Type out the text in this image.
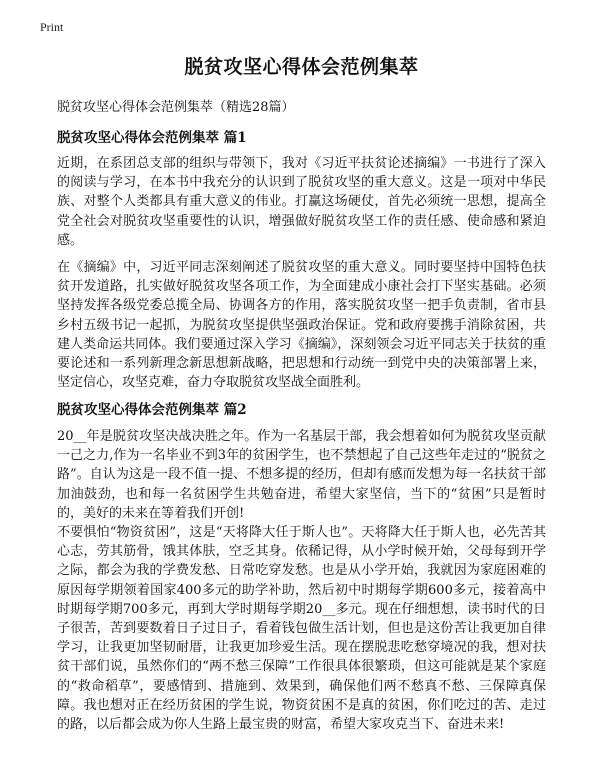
Print
脱贫攻坚心得体会范例集萃

脱贫攻坚心得体会范例集萃（精选28篇）

脱贫攻坚心得体会范例集萃 篇1

近期，在系团总支部的组织与带领下，我对《习近平扶贫论述摘编》一书进行了深入的阅读与学习，在本书中我充分的认识到了脱贫攻坚的重大意义。这是一项对中华民族、对整个人类都具有重大意义的伟业。打赢这场硬仗，首先必须统一思想，提高全党全社会对脱贫攻坚重要性的认识，增强做好脱贫攻坚工作的责任感、使命感和紧迫感。

在《摘编》中，习近平同志深刻阐述了脱贫攻坚的重大意义。同时要坚持中国特色扶贫开发道路，扎实做好脱贫攻坚各项工作，为全面建成小康社会打下坚实基础。必须坚持发挥各级党委总揽全局、协调各方的作用，落实脱贫攻坚一把手负责制，省市县乡村五级书记一起抓，为脱贫攻坚提供坚强政治保证。党和政府要携手消除贫困，共建人类命运共同体。我们要通过深入学习《摘编》，深刻领会习近平同志关于扶贫的重要论述和一系列新理念新思想新战略，把思想和行动统一到党中央的决策部署上来，坚定信心，攻坚克难，奋力夺取脱贫攻坚战全面胜利。

脱贫攻坚心得体会范例集萃 篇2

20__年是脱贫攻坚决战决胜之年。作为一名基层干部，我会想着如何为脱贫攻坚贡献一己之力,作为一名毕业不到3年的贫困学生，也不禁想起了自己这些年走过的“脱贫之路”。自认为这是一段不值一提、不想多提的经历，但却有感而发想为每一名扶贫干部加油鼓劲，也和每一名贫困学生共勉奋进，希望大家坚信，当下的“贫困”只是暂时的，美好的未来在等着我们开创!

不要惧怕“物资贫困”，这是“天将降大任于斯人也”。天将降大任于斯人也，必先苦其心志，劳其筋骨，饿其体肤，空乏其身。依稀记得，从小学时候开始，父母每到开学之际，都会为我的学费发愁、日常吃穿发愁。也是从小学开始，我就因为家庭困难的原因每学期领着国家400多元的助学补助，然后初中时期每学期600多元，接着高中时期每学期700多元，再到大学时期每学期20__多元。现在仔细想想，读书时代的日子很苦，苦到要数着日子过日子，看着钱包做生活计划，但也是这份苦让我更加自律学习，让我更加坚韧耐厝，让我更加珍爱生活。现在摆脱悲吃愁穿境况的我，想对扶贫干部们说，虽然你们的“两不愁三保障”工作很具体很繁琐，但这可能就是某个家庭的“救命稻草”，要感情到、措施到、效果到，确保他们两不愁真不愁、三保障真保障。我也想对正在经历贫困的学生说，物资贫困不是真的贫困，你们吃过的苦、走过的路，以后都会成为你人生路上最宝贵的财富，希望大家攻克当下、奋进未来!
